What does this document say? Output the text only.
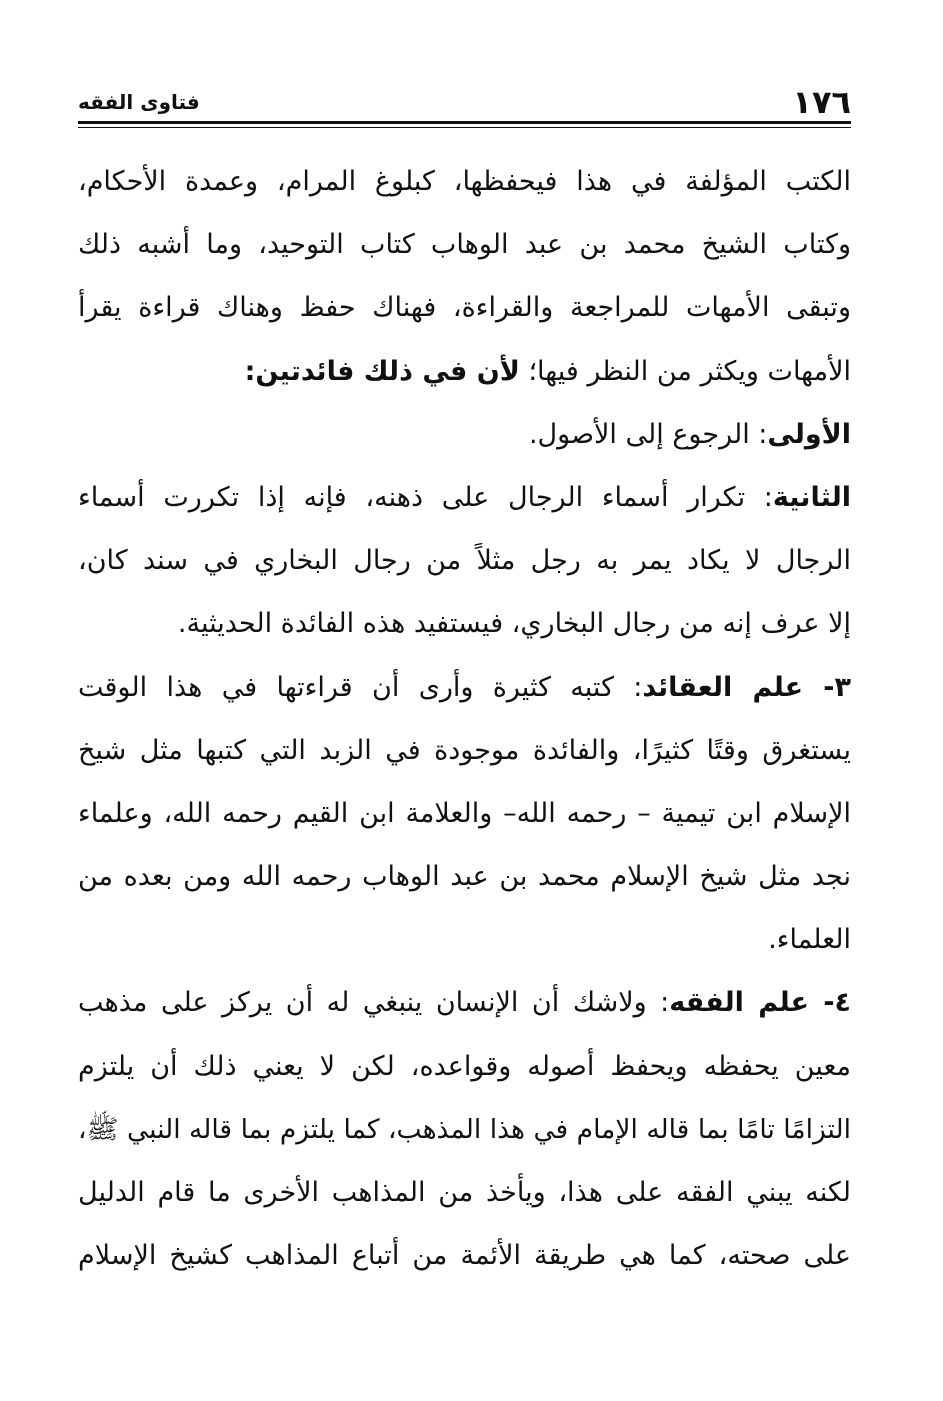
١٧٦
فتاوى الفقه
الكتب المؤلفة في هذا فيحفظها، كبلوغ المرام، وعمدة الأحكام،
وكتاب الشيخ محمد بن عبد الوهاب كتاب التوحيد، وما أشبه ذلك
وتبقى الأمهات للمراجعة والقراءة، فهناك حفظ وهناك قراءة يقرأ
الأمهات ويكثر من النظر فيها؛ لأن في ذلك فائدتين:
الأولى: الرجوع إلى الأصول.
الثانية: تكرار أسماء الرجال على ذهنه، فإنه إذا تكررت أسماء
الرجال لا يكاد يمر به رجل مثلاً من رجال البخاري في سند كان،
إلا عرف إنه من رجال البخاري، فيستفيد هذه الفائدة الحديثية.
٣- علم العقائد: كتبه كثيرة وأرى أن قراءتها في هذا الوقت
يستغرق وقتًا كثيرًا، والفائدة موجودة في الزبد التي كتبها مثل شيخ
الإسلام ابن تيمية – رحمه الله– والعلامة ابن القيم رحمه الله، وعلماء
نجد مثل شيخ الإسلام محمد بن عبد الوهاب رحمه الله ومن بعده من
العلماء.
٤- علم الفقه: ولاشك أن الإنسان ينبغي له أن يركز على مذهب
معين يحفظه ويحفظ أصوله وقواعده، لكن لا يعني ذلك أن يلتزم
التزامًا تامًا بما قاله الإمام في هذا المذهب، كما يلتزم بما قاله النبي ﷺ،
لكنه يبني الفقه على هذا، ويأخذ من المذاهب الأخرى ما قام الدليل
على صحته، كما هي طريقة الأئمة من أتباع المذاهب كشيخ الإسلام
